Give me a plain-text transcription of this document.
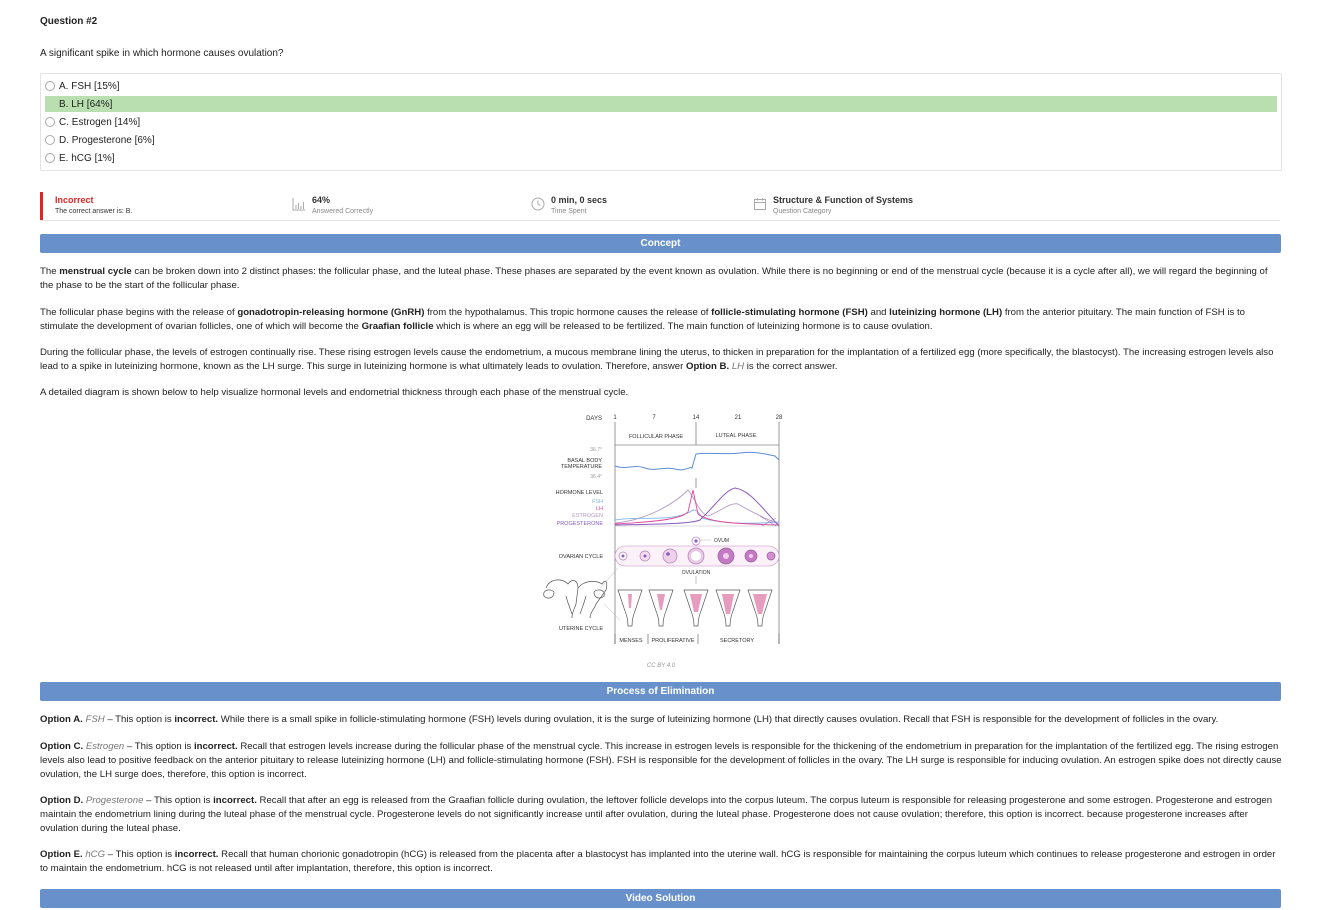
Question #2
A significant spike in which hormone causes ovulation?
A. FSH [15%]
B. LH [64%]
C. Estrogen [14%]
D. Progesterone [6%]
E. hCG [1%]
Incorrect
The correct answer is: B.
64%
Answered Correctly
0 min, 0 secs
Time Spent
Structure & Function of Systems
Question Category
Concept
The menstrual cycle can be broken down into 2 distinct phases: the follicular phase, and the luteal phase. These phases are separated by the event known as ovulation. While there is no beginning or end of the menstrual cycle (because it is a cycle after all), we will regard the beginning of the phase to be the start of the follicular phase.
The follicular phase begins with the release of gonadotropin-releasing hormone (GnRH) from the hypothalamus. This tropic hormone causes the release of follicle-stimulating hormone (FSH) and luteinizing hormone (LH) from the anterior pituitary. The main function of FSH is to stimulate the development of ovarian follicles, one of which will become the Graafian follicle which is where an egg will be released to be fertilized. The main function of luteinizing hormone is to cause ovulation.
During the follicular phase, the levels of estrogen continually rise. These rising estrogen levels cause the endometrium, a mucous membrane lining the uterus, to thicken in preparation for the implantation of a fertilized egg (more specifically, the blastocyst). The increasing estrogen levels also lead to a spike in luteinizing hormone, known as the LH surge. This surge in luteinizing hormone is what ultimately leads to ovulation. Therefore, answer Option B. LH is the correct answer.
A detailed diagram is shown below to help visualize hormonal levels and endometrial thickness through each phase of the menstrual cycle.
DAYS 1	7	14	21	28
FOLLICULAR PHASE	LUTEAL PHASE
36.7°
BASAL BODY
TEMPERATURE
36.4°
HORMONE LEVEL
FSH
LH
ESTROGEN
PROGESTERONE
OVUM
OVARIAN CYCLE
OVULATION
UTERINE CYCLE
MENSES PROLIFERATIVE	SECRETORY
CC BY 4.0
Process of Elimination
Option A. FSH – This option is incorrect. While there is a small spike in follicle-stimulating hormone (FSH) levels during ovulation, it is the surge of luteinizing hormone (LH) that directly causes ovulation. Recall that FSH is responsible for the development of follicles in the ovary.
Option C. Estrogen – This option is incorrect. Recall that estrogen levels increase during the follicular phase of the menstrual cycle. This increase in estrogen levels is responsible for the thickening of the endometrium in preparation for the implantation of the fertilized egg. The rising estrogen levels also lead to positive feedback on the anterior pituitary to release luteinizing hormone (LH) and follicle-stimulating hormone (FSH). FSH is responsible for the development of follicles in the ovary. The LH surge is responsible for inducing ovulation. An estrogen spike does not directly cause ovulation, the LH surge does, therefore, this option is incorrect.
Option D. Progesterone – This option is incorrect. Recall that after an egg is released from the Graafian follicle during ovulation, the leftover follicle develops into the corpus luteum. The corpus luteum is responsible for releasing progesterone and some estrogen. Progesterone and estrogen maintain the endometrium lining during the luteal phase of the menstrual cycle. Progesterone levels do not significantly increase until after ovulation, during the luteal phase. Progesterone does not cause ovulation; therefore, this option is incorrect. because progesterone increases after ovulation during the luteal phase.
Option E. hCG – This option is incorrect. Recall that human chorionic gonadotropin (hCG) is released from the placenta after a blastocyst has implanted into the uterine wall. hCG is responsible for maintaining the corpus luteum which continues to release progesterone and estrogen in order to maintain the endometrium. hCG is not released until after implantation, therefore, this option is incorrect.
Video Solution
